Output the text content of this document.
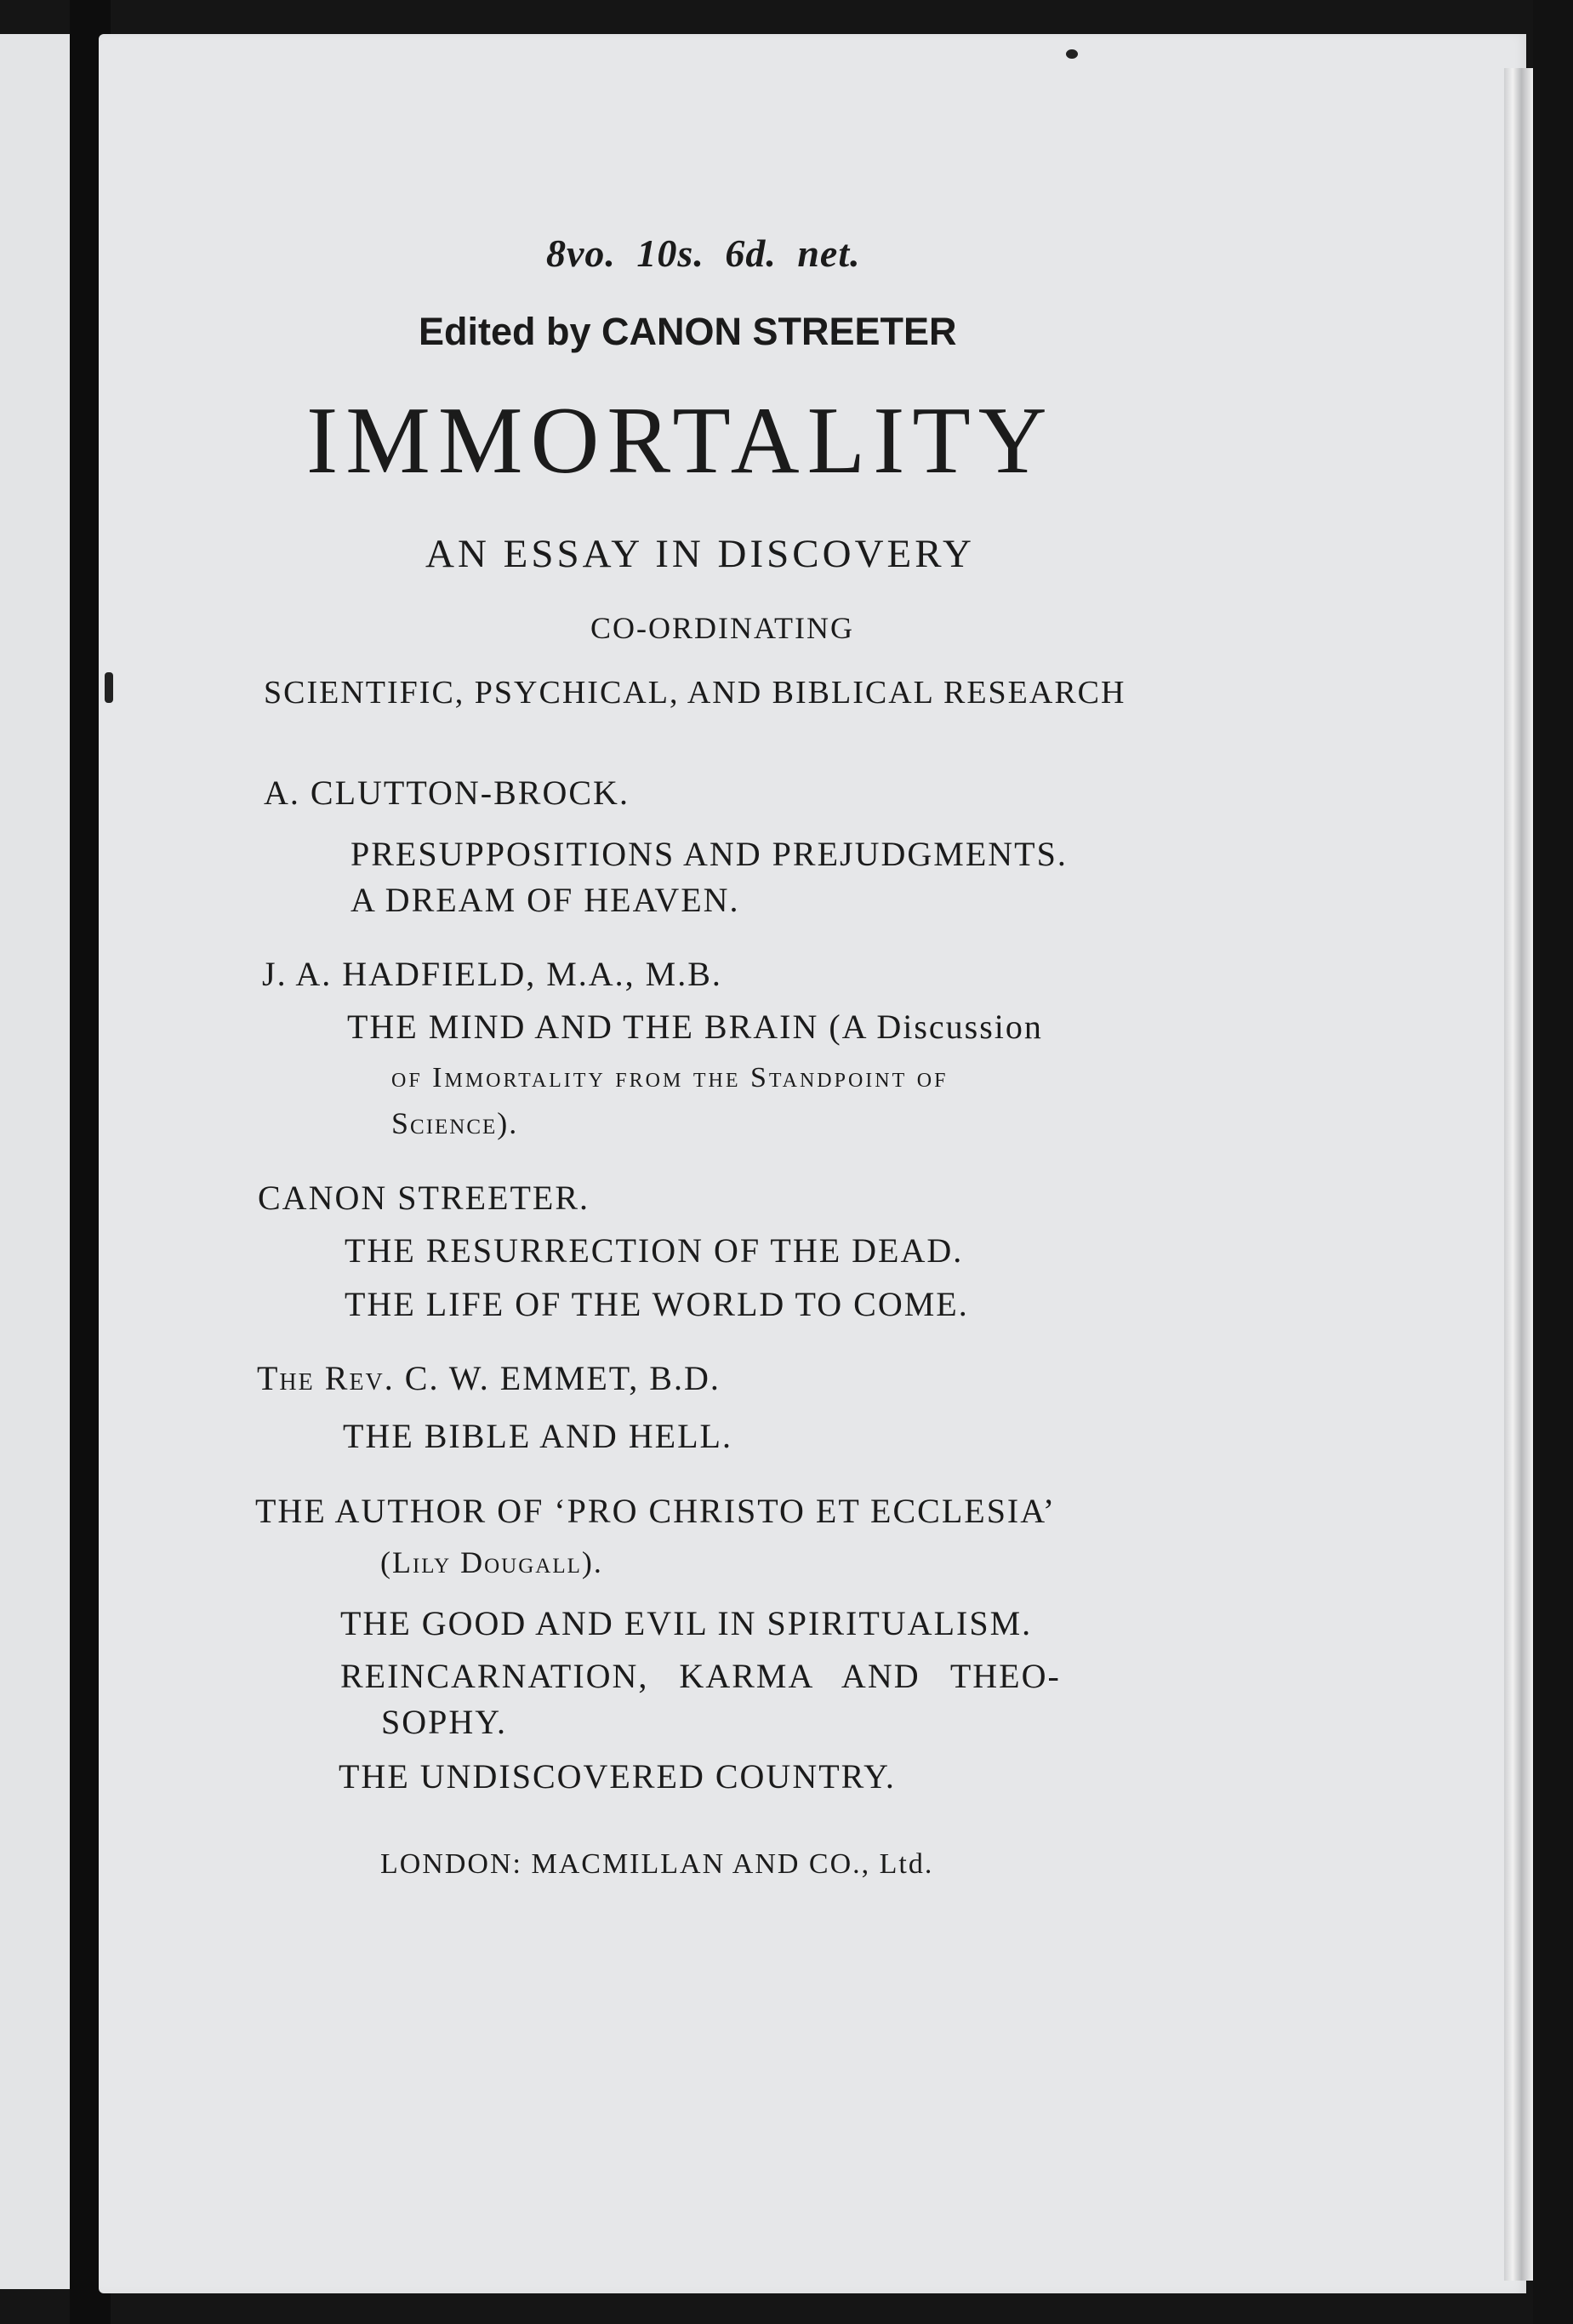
8vo. 10s. 6d. net.
Edited by CANON STREETER
IMMORTALITY
AN ESSAY IN DISCOVERY
CO-ORDINATING
SCIENTIFIC, PSYCHICAL, AND BIBLICAL RESEARCH
A. CLUTTON-BROCK.
PRESUPPOSITIONS AND PREJUDGMENTS.
A DREAM OF HEAVEN.
J. A. HADFIELD, M.A., M.B.
THE MIND AND THE BRAIN (A Discussion
of Immortality from the Standpoint of
Science).
CANON STREETER.
THE RESURRECTION OF THE DEAD.
THE LIFE OF THE WORLD TO COME.
The Rev. C. W. EMMET, B.D.
THE BIBLE AND HELL.
THE AUTHOR OF ‘PRO CHRISTO ET ECCLESIA’
(Lily Dougall).
THE GOOD AND EVIL IN SPIRITUALISM.
REINCARNATION, KARMA AND THEO-
SOPHY.
THE UNDISCOVERED COUNTRY.
LONDON: MACMILLAN AND CO., Ltd.
